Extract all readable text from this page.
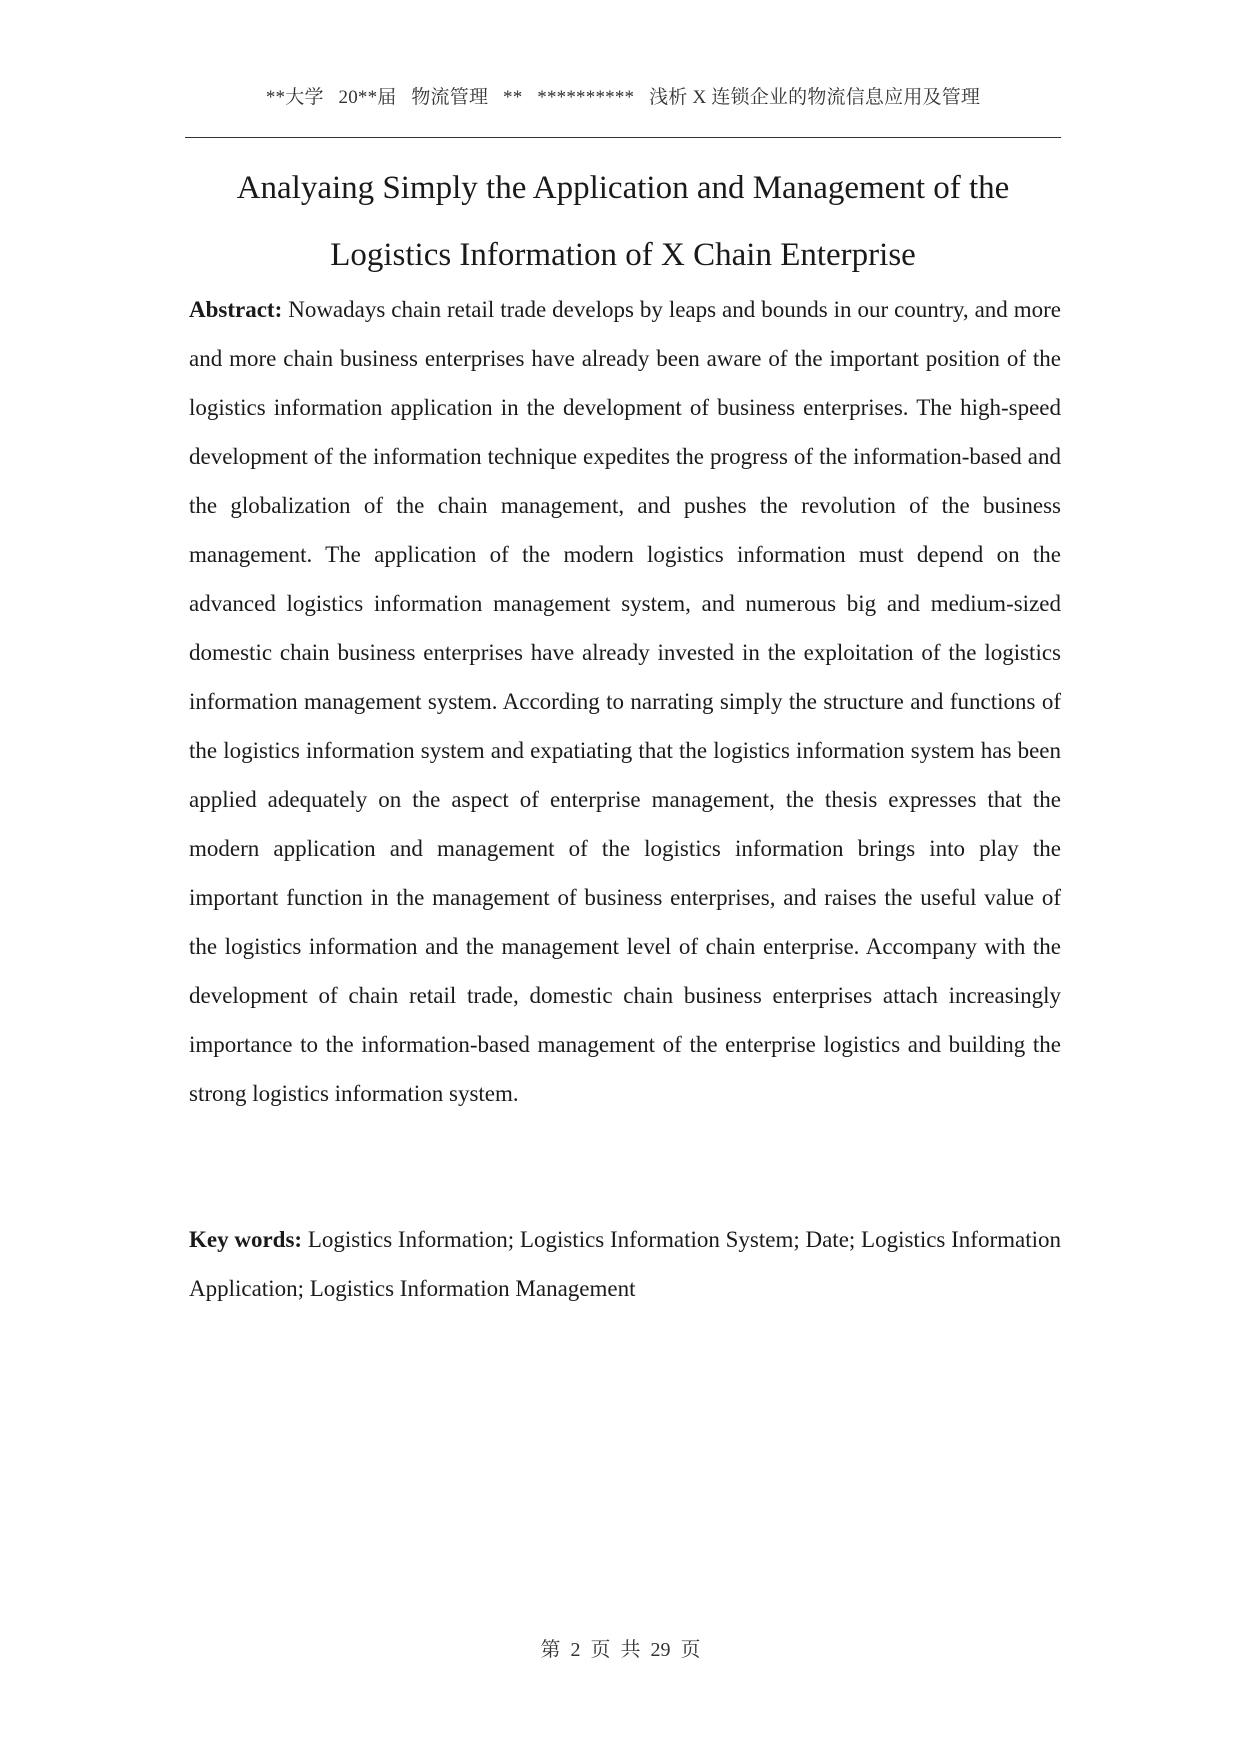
**大学   20**届   物流管理   **   **********   浅析 X 连锁企业的物流信息应用及管理
Analyaing Simply the Application and Management of the
Logistics Information of X Chain Enterprise
Abstract: Nowadays chain retail trade develops by leaps and bounds in our country, and more and more chain business enterprises have already been aware of the important position of the logistics information application in the development of business enterprises. The high-speed development of the information technique expedites the progress of the information-based and the globalization of the chain management, and pushes the revolution of the business management. The application of the modern logistics information must depend on the advanced logistics information management system, and numerous big and medium-sized domestic chain business enterprises have already invested in the exploitation of the logistics information management system. According to narrating simply the structure and functions of the logistics information system and expatiating that the logistics information system has been applied adequately on the aspect of enterprise management, the thesis expresses that the modern application and management of the logistics information brings into play the important function in the management of business enterprises, and raises the useful value of the logistics information and the management level of chain enterprise. Accompany with the development of chain retail trade, domestic chain business enterprises attach increasingly importance to the information-based management of the enterprise logistics and building the strong logistics information system.
Key words: Logistics Information; Logistics Information System; Date; Logistics Information Application; Logistics Information Management
第  2  页  共  29  页
